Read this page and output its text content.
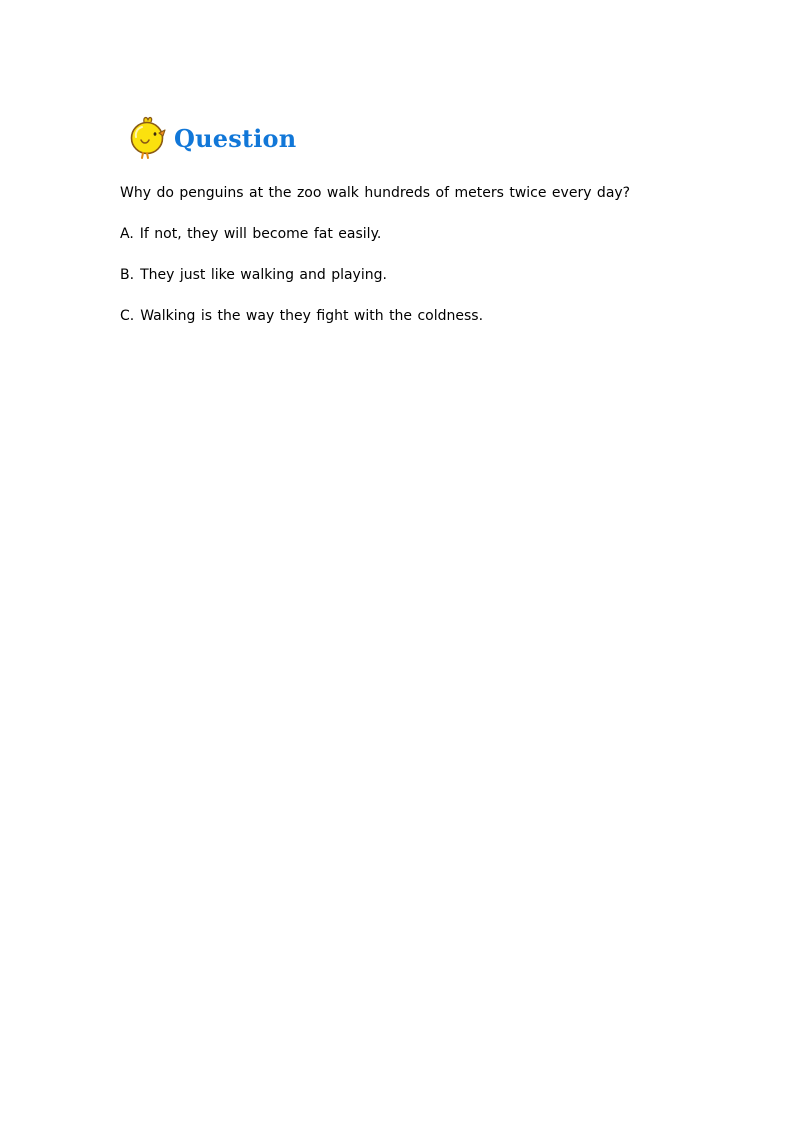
Question

Why do penguins at the zoo walk hundreds of meters twice every day?

A. If not, they will become fat easily.

B. They just like walking and playing.

C. Walking is the way they fight with the coldness.
